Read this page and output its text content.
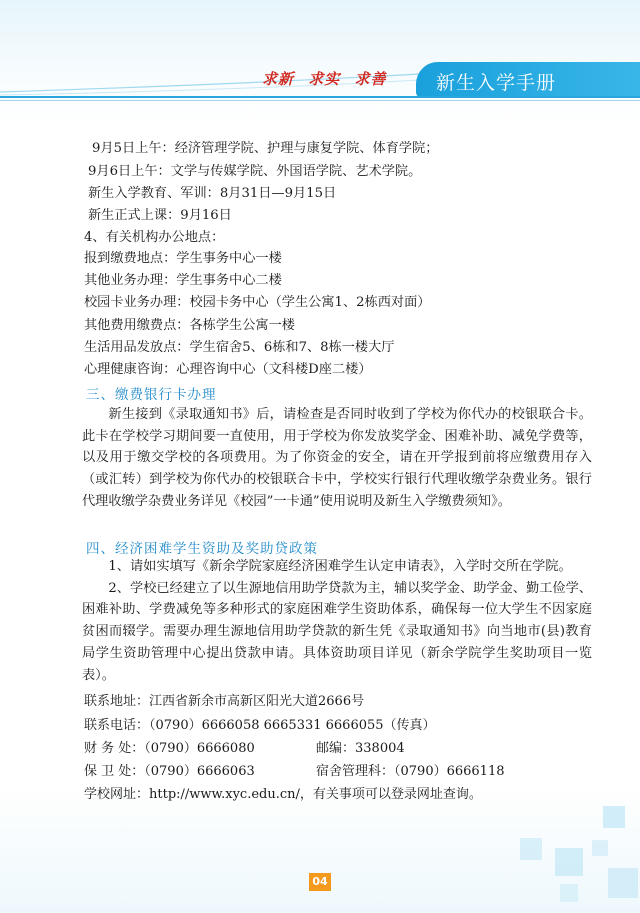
求新 求实 求善	新生入学手册
9月5日上午：经济管理学院、护理与康复学院、体育学院；
9月6日上午：文学与传媒学院、外国语学院、艺术学院。
新生入学教育、军训：8月31日—9月15日
新生正式上课：9月16日
4、有关机构办公地点：
报到缴费地点：学生事务中心一楼
其他业务办理：学生事务中心二楼
校园卡业务办理：校园卡务中心（学生公寓1、2栋西对面）
其他费用缴费点：各栋学生公寓一楼
生活用品发放点：学生宿舍5、6栋和7、8栋一楼大厅
心理健康咨询：心理咨询中心（文科楼D座二楼）
三、缴费银行卡办理

新生接到《录取通知书》后，请检查是否同时收到了学校为你代办的校银联合卡。此卡在学校学习期间要一直使用，用于学校为你发放奖学金、困难补助、减免学费等，以及用于缴交学校的各项费用。为了你资金的安全，请在开学报到前将应缴费用存入（或汇转）到学校为你代办的校银联合卡中，学校实行银行代理收缴学杂费业务。银行代理收缴学杂费业务详见《校园”一卡通”使用说明及新生入学缴费须知》。

四、经济困难学生资助及奖助贷政策

1、请如实填写《新余学院家庭经济困难学生认定申请表》，入学时交所在学院。

2、学校已经建立了以生源地信用助学贷款为主，辅以奖学金、助学金、勤工俭学、困难补助、学费减免等多种形式的家庭困难学生资助体系，确保每一位大学生不因家庭贫困而辍学。需要办理生源地信用助学贷款的新生凭《录取通知书》向当地市(县)教育局学生资助管理中心提出贷款申请。具体资助项目详见（新余学院学生奖助项目一览表）。

联系地址：江西省新余市高新区阳光大道2666号
联系电话：（0790）6666058 6665331 6666055（传真）
财 务 处：（0790）6666080	邮编：338004
保 卫 处：（0790）6666063	宿舍管理科：（0790）6666118
学校网址：http://www.xyc.edu.cn/，有关事项可以登录网址查询。
04
